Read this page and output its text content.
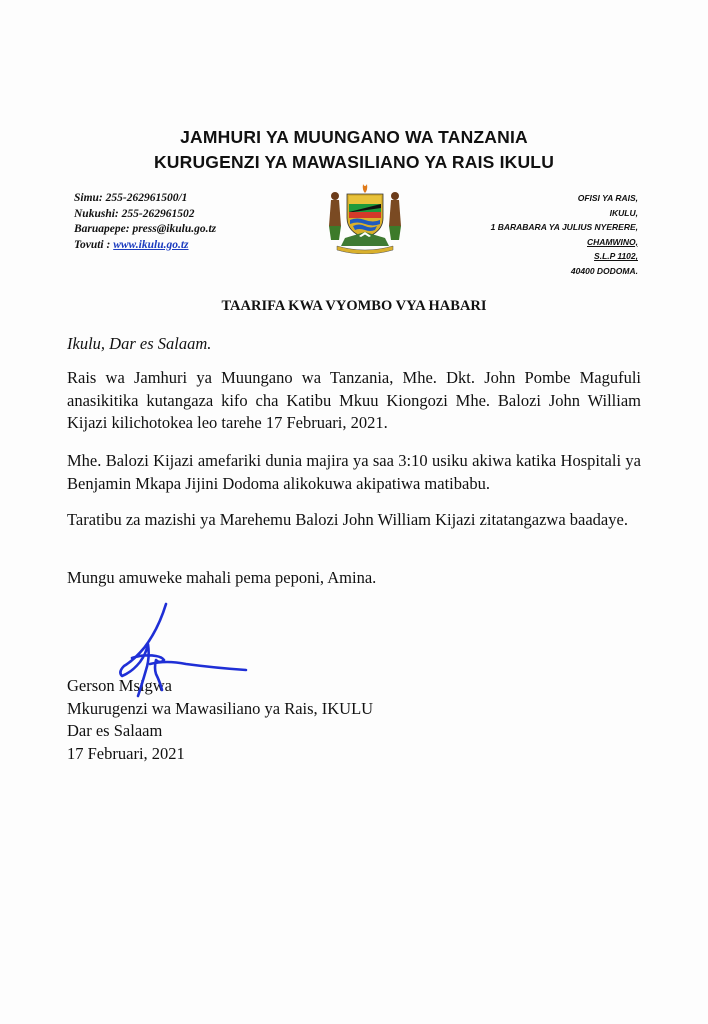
JAMHURI YA MUUNGANO WA TANZANIA
KURUGENZI YA MAWASILIANO YA RAIS IKULU
Simu: 255-262961500/1
Nukushi: 255-262961502
Baruapepe: press@ikulu.go.tz
Tovuti : www.ikulu.go.tz
OFISI YA RAIS,
IKULU,
1 BARABARA YA JULIUS NYERERE,
CHAMWINO,
S.L.P 1102,
40400 DODOMA.
TAARIFA KWA VYOMBO VYA HABARI
Ikulu, Dar es Salaam.
Rais wa Jamhuri ya Muungano wa Tanzania, Mhe. Dkt. John Pombe Magufuli anasikitika kutangaza kifo cha Katibu Mkuu Kiongozi Mhe. Balozi John William Kijazi kilichotokea leo tarehe 17 Februari, 2021.
Mhe. Balozi Kijazi amefariki dunia majira ya saa 3:10 usiku akiwa katika Hospitali ya Benjamin Mkapa Jijini Dodoma alikokuwa akipatiwa matibabu.
Taratibu za mazishi ya Marehemu Balozi John William Kijazi zitatangazwa baadaye.
Mungu amuweke mahali pema peponi, Amina.
Gerson Msigwa
Mkurugenzi wa Mawasiliano ya Rais, IKULU
Dar es Salaam
17 Februari, 2021
